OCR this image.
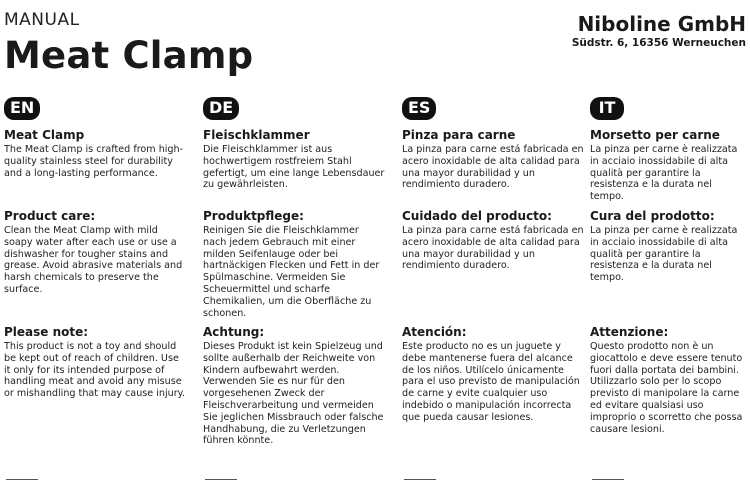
MANUAL
Meat Clamp
Niboline GmbH
Südstr. 6, 16356 Werneuchen
EN
Meat Clamp
The Meat Clamp is crafted from high-quality stainless steel for durability and a long-lasting performance.
Product care:
Clean the Meat Clamp with mild soapy water after each use or use a dishwasher for tougher stains and grease. Avoid abrasive materials and harsh chemicals to preserve the surface.
Please note:
This product is not a toy and should be kept out of reach of children. Use it only for its intended purpose of handling meat and avoid any misuse or mishandling that may cause injury.
DE
Fleischklammer
Die Fleischklammer ist aus hochwertigem rostfreiem Stahl gefertigt, um eine lange Lebensdauer zu gewährleisten.
Produktpflege:
Reinigen Sie die Fleischklammer nach jedem Gebrauch mit einer milden Seifenlauge oder bei hartnäckigen Flecken und Fett in der Spülmaschine. Vermeiden Sie Scheuermittel und scharfe Chemikalien, um die Oberfläche zu schonen.
Achtung:
Dieses Produkt ist kein Spielzeug und sollte außerhalb der Reichweite von Kindern aufbewahrt werden. Verwenden Sie es nur für den vorgesehenen Zweck der Fleischverarbeitung und vermeiden Sie jeglichen Missbrauch oder falsche Handhabung, die zu Verletzungen führen könnte.
ES
Pinza para carne
La pinza para carne está fabricada en acero inoxidable de alta calidad para una mayor durabilidad y un rendimiento duradero.
Cuidado del producto:
La pinza para carne está fabricada en acero inoxidable de alta calidad para una mayor durabilidad y un rendimiento duradero.
Atención:
Este producto no es un juguete y debe mantenerse fuera del alcance de los niños. Utilícelo únicamente para el uso previsto de manipulación de carne y evite cualquier uso indebido o manipulación incorrecta que pueda causar lesiones.
IT
Morsetto per carne
La pinza per carne è realizzata in acciaio inossidabile di alta qualità per garantire la resistenza e la durata nel tempo.
Cura del prodotto:
La pinza per carne è realizzata in acciaio inossidabile di alta qualità per garantire la resistenza e la durata nel tempo.
Attenzione:
Questo prodotto non è un giocattolo e deve essere tenuto fuori dalla portata dei bambini. Utilizzarlo solo per lo scopo previsto di manipolare la carne ed evitare qualsiasi uso improprio o scorretto che possa causare lesioni.
